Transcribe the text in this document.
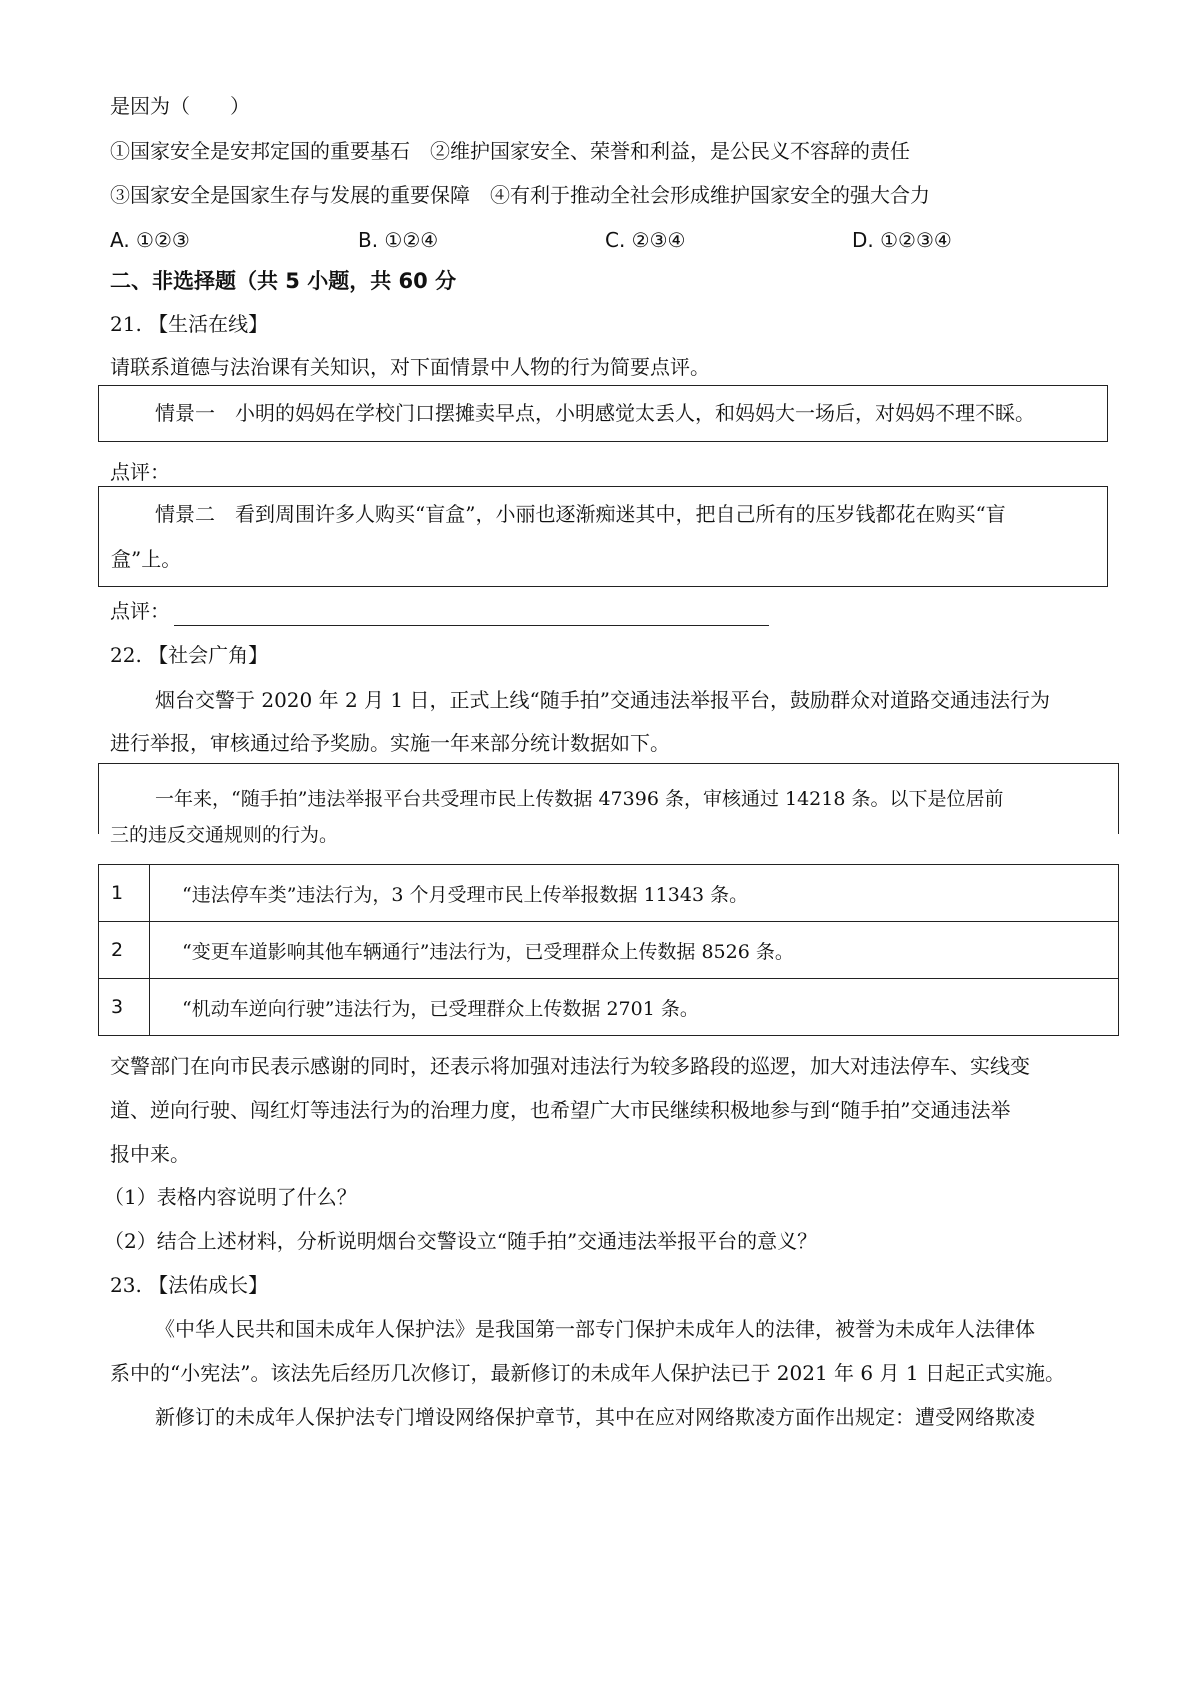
是因为（　　）
①国家安全是安邦定国的重要基石　②维护国家安全、荣誉和利益，是公民义不容辞的责任
③国家安全是国家生存与发展的重要保障　④有利于推动全社会形成维护国家安全的强大合力
A. ①②③	B. ①②④	C. ②③④	D. ①②③④
二、非选择题（共 5 小题，共 60 分
21. 【生活在线】
请联系道德与法治课有关知识，对下面情景中人物的行为简要点评。
情景一　小明的妈妈在学校门口摆摊卖早点，小明感觉太丢人，和妈妈大一场后，对妈妈不理不睬。
点评：
情景二　看到周围许多人购买“盲盒”，小丽也逐渐痴迷其中，把自己所有的压岁钱都花在购买“盲
盒”上。
点评：
22. 【社会广角】
烟台交警于 2020 年 2 月 1 日，正式上线“随手拍”交通违法举报平台，鼓励群众对道路交通违法行为
进行举报，审核通过给予奖励。实施一年来部分统计数据如下。
一年来，“随手拍”违法举报平台共受理市民上传数据 47396 条，审核通过 14218 条。以下是位居前
三的违反交通规则的行为。
1	“违法停车类”违法行为，3 个月受理市民上传举报数据 11343 条。
2	“变更车道影响其他车辆通行”违法行为，已受理群众上传数据 8526 条。
3	“机动车逆向行驶”违法行为，已受理群众上传数据 2701 条。
交警部门在向市民表示感谢的同时，还表示将加强对违法行为较多路段的巡逻，加大对违法停车、实线变
道、逆向行驶、闯红灯等违法行为的治理力度，也希望广大市民继续积极地参与到“随手拍”交通违法举
报中来。
（1）表格内容说明了什么？
（2）结合上述材料，分析说明烟台交警设立“随手拍”交通违法举报平台的意义？
23. 【法佑成长】
《中华人民共和国未成年人保护法》是我国第一部专门保护未成年人的法律，被誉为未成年人法律体
系中的“小宪法”。该法先后经历几次修订，最新修订的未成年人保护法已于 2021 年 6 月 1 日起正式实施。
新修订的未成年人保护法专门增设网络保护章节，其中在应对网络欺凌方面作出规定：遭受网络欺凌
